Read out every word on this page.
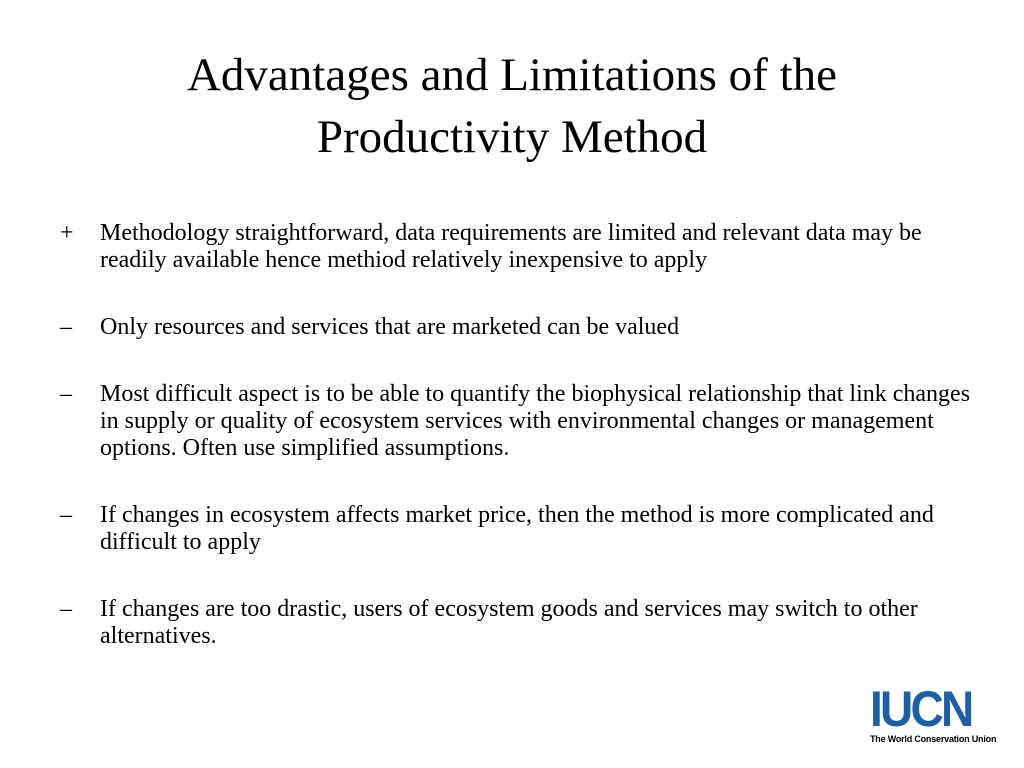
Advantages and Limitations of the
Productivity Method
+	Methodology straightforward, data requirements are limited and relevant data may be readily available hence methiod relatively inexpensive to apply
–	Only resources and services that are marketed can be valued
–	Most difficult aspect is to be able to quantify the biophysical relationship that link changes in supply or quality of ecosystem services with environmental changes or management options. Often use simplified assumptions.
–	If changes in ecosystem affects market price, then the method is more complicated and difficult to apply
–	If changes are too drastic, users of ecosystem goods and services may switch to other alternatives.
IUCN
The World Conservation Union
